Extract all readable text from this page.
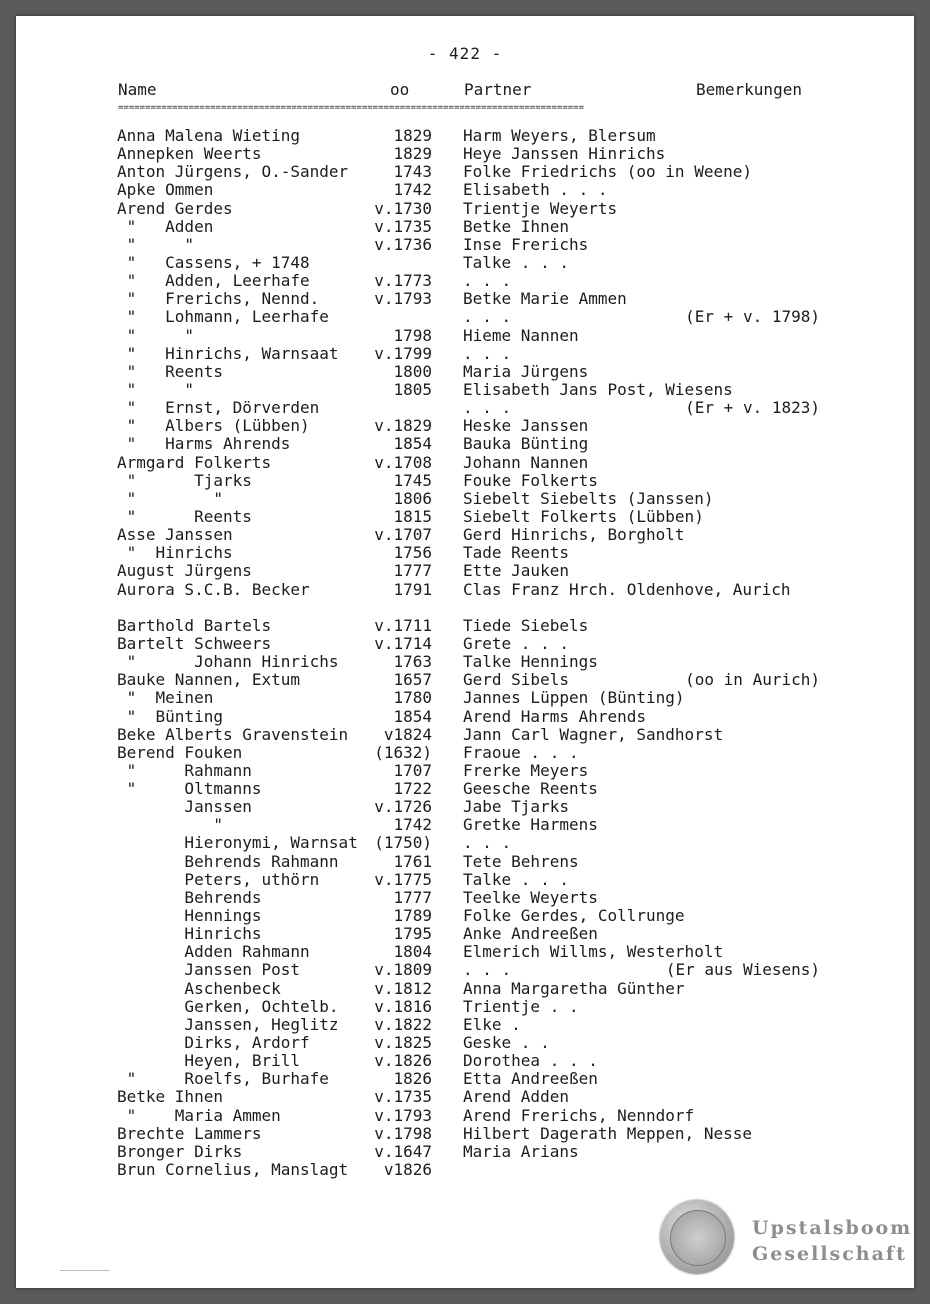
- 422 -
Name	oo	Partner	Bemerkungen
======================================================================================
Anna Malena Wieting	1829 Harm Weyers, Blersum
Annepken Weerts	1829 Heye Janssen Hinrichs
Anton Jürgens, O.-Sander	1743 Folke Friedrichs (oo in Weene)
Apke Ommen	1742 Elisabeth . . .
Arend Gerdes	v.1730 Trientje Weyerts
"   Adden	v.1735 Betke Ihnen
"     "	v.1736 Inse Frerichs
"   Cassens, + 1748	Talke . . .
"   Adden, Leerhafe	v.1773 . . .
"   Frerichs, Nennd.	v.1793 Betke Marie Ammen
"   Lohmann, Leerhafe	. . .	(Er + v. 1798)
"     "	1798 Hieme Nannen
"   Hinrichs, Warnsaat v.1799 . . .
"   Reents	1800 Maria Jürgens
"     "	1805 Elisabeth Jans Post, Wiesens
"   Ernst, Dörverden	. . .	(Er + v. 1823)
"   Albers (Lübben)	v.1829 Heske Janssen
"   Harms Ahrends	1854 Bauka Bünting
Armgard Folkerts	v.1708 Johann Nannen
"      Tjarks	1745 Fouke Folkerts
"        "	1806 Siebelt Siebelts (Janssen)
"      Reents	1815 Siebelt Folkerts (Lübben)
Asse Janssen	v.1707 Gerd Hinrichs, Borgholt
"  Hinrichs	1756 Tade Reents
August Jürgens	1777 Ette Jauken
Aurora S.C.B. Becker	1791 Clas Franz Hrch. Oldenhove, Aurich
Barthold Bartels	v.1711 Tiede Siebels
Bartelt Schweers	v.1714 Grete . . .
"      Johann Hinrichs	1763 Talke Hennings
Bauke Nannen, Extum	1657 Gerd Sibels	(oo in Aurich)
"  Meinen	1780 Jannes Lüppen (Bünting)
"  Bünting	1854 Arend Harms Ahrends
Beke Alberts Gravenstein v1824 Jann Carl Wagner, Sandhorst
Berend Fouken	(1632) Fraoue . . .
"     Rahmann	1707 Frerke Meyers
"     Oltmanns	1722 Geesche Reents
Janssen	v.1726 Jabe Tjarks
"	1742 Gretke Harmens
Hieronymi, Warnsat (1750) . . .
Behrends Rahmann	1761 Tete Behrens
Peters, uthörn	v.1775 Talke . . .
Behrends	1777 Teelke Weyerts
Hennings	1789 Folke Gerdes, Collrunge
Hinrichs	1795 Anke Andreeßen
Adden Rahmann	1804 Elmerich Willms, Westerholt
Janssen Post	v.1809 . . .	(Er aus Wiesens)
Aschenbeck	v.1812 Anna Margaretha Günther
Gerken, Ochtelb. v.1816 Trientje . .
Janssen, Heglitz v.1822 Elke .
Dirks, Ardorf	v.1825 Geske . .
Heyen, Brill	v.1826 Dorothea . . .
"     Roelfs, Burhafe	1826 Etta Andreeßen
Betke Ihnen	v.1735 Arend Adden
"    Maria Ammen	v.1793 Arend Frerichs, Nenndorf
Brechte Lammers	v.1798 Hilbert Dagerath Meppen, Nesse
Bronger Dirks	v.1647 Maria Arians
Brun Cornelius, Manslagt v1826
Upstalsboom
Gesellschaft
